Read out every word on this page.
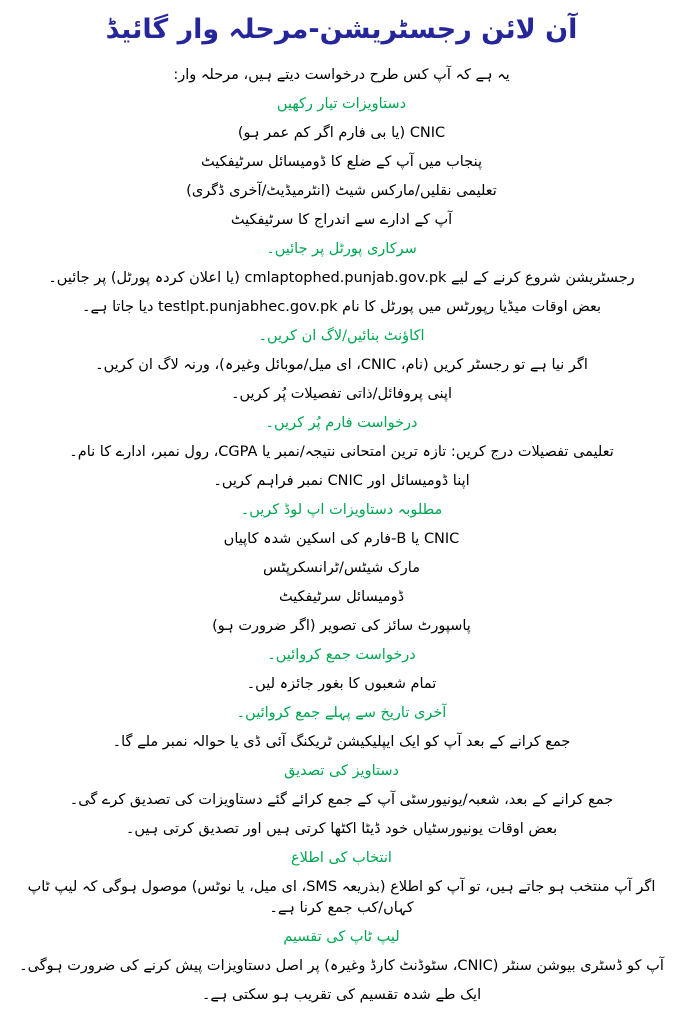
آن لائن رجسٹریشن-مرحلہ وار گائیڈ
یہ ہے کہ آپ کس طرح درخواست دیتے ہیں، مرحلہ وار:
دستاویزات تیار رکھیں
CNIC (یا بی فارم اگر کم عمر ہو)
پنجاب میں آپ کے ضلع کا ڈومیسائل سرٹیفکیٹ
تعلیمی نقلیں/مارکس شیٹ (انٹرمیڈیٹ/آخری ڈگری)
آپ کے ادارے سے اندراج کا سرٹیفکیٹ
سرکاری پورٹل پر جائیں۔
رجسٹریشن شروع کرنے کے لیے cmlaptophed.punjab.gov.pk (یا اعلان کردہ پورٹل) پر جائیں۔
بعض اوقات میڈیا رپورٹس میں پورٹل کا نام testlpt.punjabhec.gov.pk دیا جاتا ہے۔
اکاؤنٹ بنائیں/لاگ ان کریں۔
اگر نیا ہے تو رجسٹر کریں (نام، CNIC، ای میل/موبائل وغیرہ)، ورنہ لاگ ان کریں۔
اپنی پروفائل/ذاتی تفصیلات پُر کریں۔
درخواست فارم پُر کریں۔
تعلیمی تفصیلات درج کریں: تازہ ترین امتحانی نتیجہ/نمبر یا CGPA، رول نمبر، ادارے کا نام۔
اپنا ڈومیسائل اور CNIC نمبر فراہم کریں۔
مطلوبہ دستاویزات اپ لوڈ کریں۔
CNIC یا B-فارم کی اسکین شدہ کاپیاں
مارک شیٹس/ٹرانسکرپٹس
ڈومیسائل سرٹیفکیٹ
پاسپورٹ سائز کی تصویر (اگر ضرورت ہو)
درخواست جمع کروائیں۔
تمام شعبوں کا بغور جائزہ لیں۔
آخری تاریخ سے پہلے جمع کروائیں۔
جمع کرانے کے بعد آپ کو ایک ایپلیکیشن ٹریکنگ آئی ڈی یا حوالہ نمبر ملے گا۔
دستاویز کی تصدیق
جمع کرانے کے بعد، شعبہ/یونیورسٹی آپ کے جمع کرائے گئے دستاویزات کی تصدیق کرے گی۔
بعض اوقات یونیورسٹیاں خود ڈیٹا اکٹھا کرتی ہیں اور تصدیق کرتی ہیں۔
انتخاب کی اطلاع
اگر آپ منتخب ہو جاتے ہیں، تو آپ کو اطلاع (بذریعہ SMS، ای میل، یا نوٹس) موصول ہوگی کہ لیپ ٹاپ کہاں/کب جمع کرنا ہے۔
لیپ ٹاپ کی تقسیم
آپ کو ڈسٹری بیوشن سنٹر (CNIC، سٹوڈنٹ کارڈ وغیرہ) پر اصل دستاویزات پیش کرنے کی ضرورت ہوگی۔
ایک طے شدہ تقسیم کی تقریب ہو سکتی ہے۔
